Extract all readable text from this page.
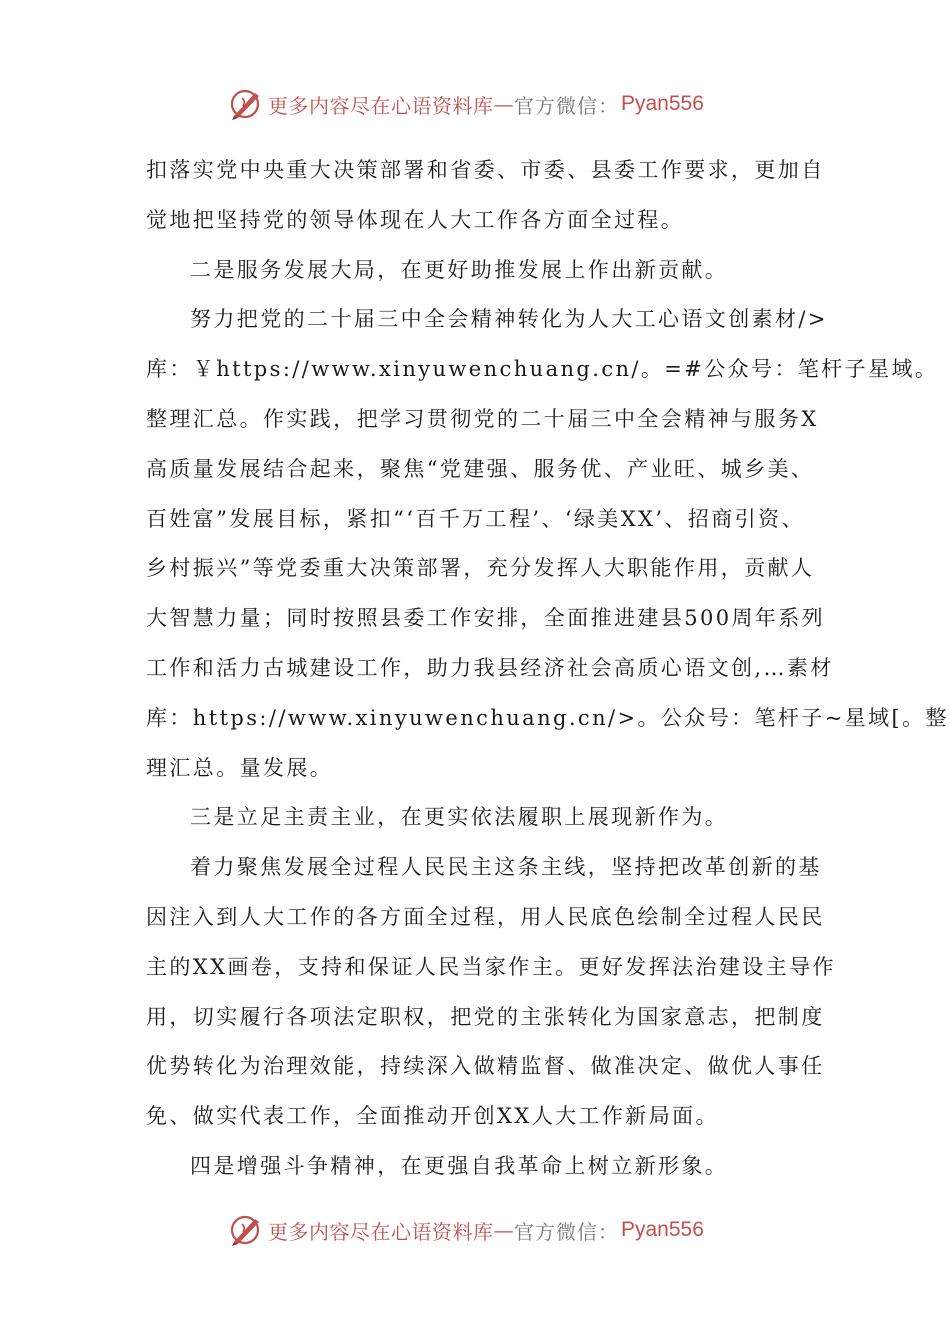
更多内容尽在心语资料库 — 官方微信： Pyan556
扣落实党中央重大决策部署和省委、市委、县委工作要求，更加自
觉地把坚持党的领导体现在人大工作各方面全过程。
二是服务发展大局，在更好助推发展上作出新贡献。
努力把党的二十届三中全会精神转化为人大工心语文创素材/>
库：￥https://www.xinyuwenchuang.cn/。=#公众号：笔杆子星域。
整理汇总。作实践，把学习贯彻党的二十届三中全会精神与服务X
高质量发展结合起来，聚焦“党建强、服务优、产业旺、城乡美、
百姓富”发展目标，紧扣“‘百千万工程’、‘绿美XX’、招商引资、
乡村振兴”等党委重大决策部署，充分发挥人大职能作用，贡献人
大智慧力量；同时按照县委工作安排，全面推进建县500周年系列
工作和活力古城建设工作，助力我县经济社会高质心语文创,…素材
库：https://www.xinyuwenchuang.cn/>。公众号：笔杆子~星域[。整
理汇总。量发展。
三是立足主责主业，在更实依法履职上展现新作为。
着力聚焦发展全过程人民民主这条主线，坚持把改革创新的基
因注入到人大工作的各方面全过程，用人民底色绘制全过程人民民
主的XX画卷，支持和保证人民当家作主。更好发挥法治建设主导作
用，切实履行各项法定职权，把党的主张转化为国家意志，把制度
优势转化为治理效能，持续深入做精监督、做准决定、做优人事任
免、做实代表工作，全面推动开创XX人大工作新局面。
四是增强斗争精神，在更强自我革命上树立新形象。
更多内容尽在心语资料库 — 官方微信： Pyan556
